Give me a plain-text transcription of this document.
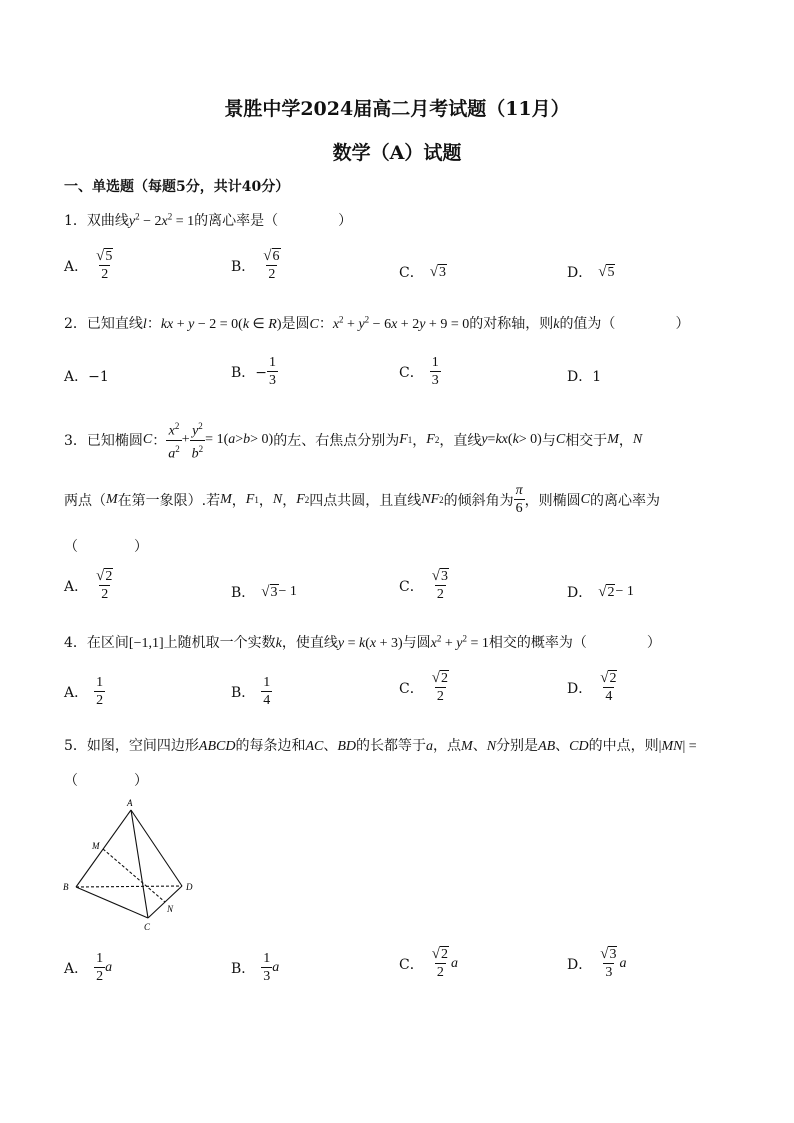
景胜中学2024届高二月考试题（11月）
数学（A）试题
一、单选题（每题5分，共计40分）
1．双曲线$y^2 - 2x^2 = 1$的离心率是（	）
A． $\frac{√5}{2}$	B． $\frac{√6}{2}$	C． √3	D． √5
2．已知直线l：kx + y − 2 = 0(k ∈ R)是圆C：$x^2 + y^2 - 6x + 2y + 9 = 0$的对称轴，则k的值为（	）
A．−1	B．− $\frac{1}{3}$	C． $\frac{1}{3}$	D．1
3．已知椭圆 C ： $\frac{x^2}{a^2} + \frac{y^2}{b^2} = 1$( a > b > 0) 的左、右焦点分别为 F 1 ， F 2 ，直线 y = kx ( k > 0) 与 C 相交于 M ， N
两点（ M 在第一象限）.若 M ， F 1 ， N ， F 2 四点共圆，且直线 NF 2 的倾斜角为 $\frac{\pi}{6}$ ，则椭圆 C 的离心率为
（　　　　）
A． $\frac{√2}{2}$	B． √3 − 1	C． $\frac{√3}{2}$	D． √2 − 1
4．在区间[−1,1]上随机取一个实数k，使直线y = k(x + 3)与圆$x^2 + y^2 = 1$相交的概率为（	）
A． $\frac{1}{2}$	B． $\frac{1}{4}$	C． $\frac{√2}{2}$	D． $\frac{√2}{4}$
5．如图，空间四边形ABCD的每条边和AC、BD的长都等于a，点M、N分别是AB、CD的中点，则|MN| =
（　　　　）
A
M
B	D
N
C
A． $\frac{1}{2}$ a	B． $\frac{1}{3}$ a	C． $\frac{√2}{2}$ a	D． $\frac{√3}{3}$ a
